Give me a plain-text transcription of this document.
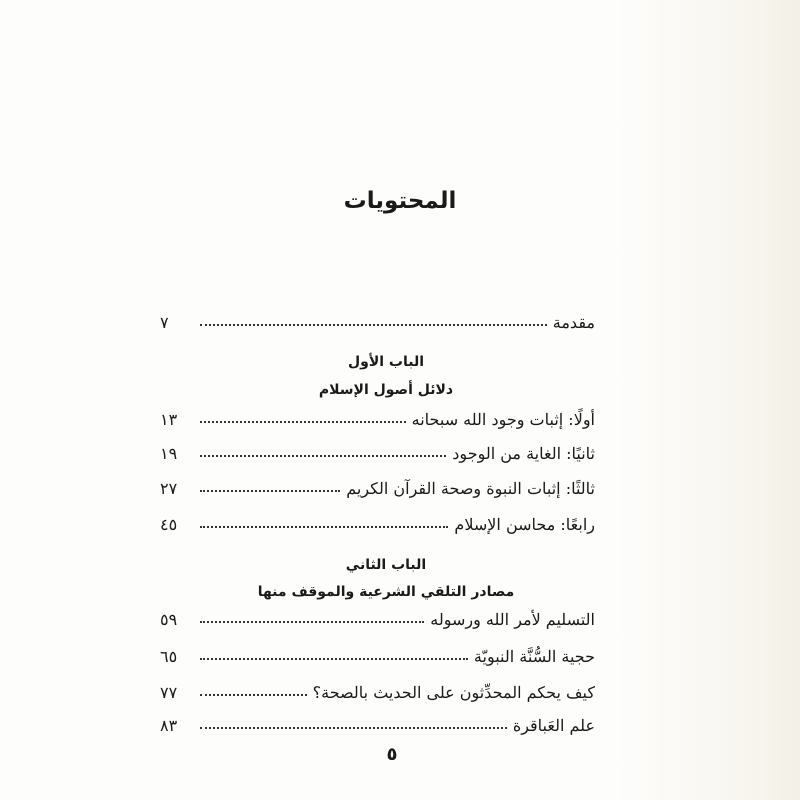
المحتويات
مقدمة
٧
الباب الأول
دلائل أصول الإسلام
أولًا: إثبات وجود الله سبحانه
١٣
ثانيًا: الغاية من الوجود
١٩
ثالثًا: إثبات النبوة وصحة القرآن الكريم
٢٧
رابعًا: محاسن الإسلام
٤٥
الباب الثاني
مصادر التلقي الشرعية والموقف منها
التسليم لأمر الله ورسوله
٥٩
حجية السُّنَّة النبويّة
٦٥
كيف يحكم المحدِّثون على الحديث بالصحة؟
٧٧
علم العَباقرة
٨٣
٥
